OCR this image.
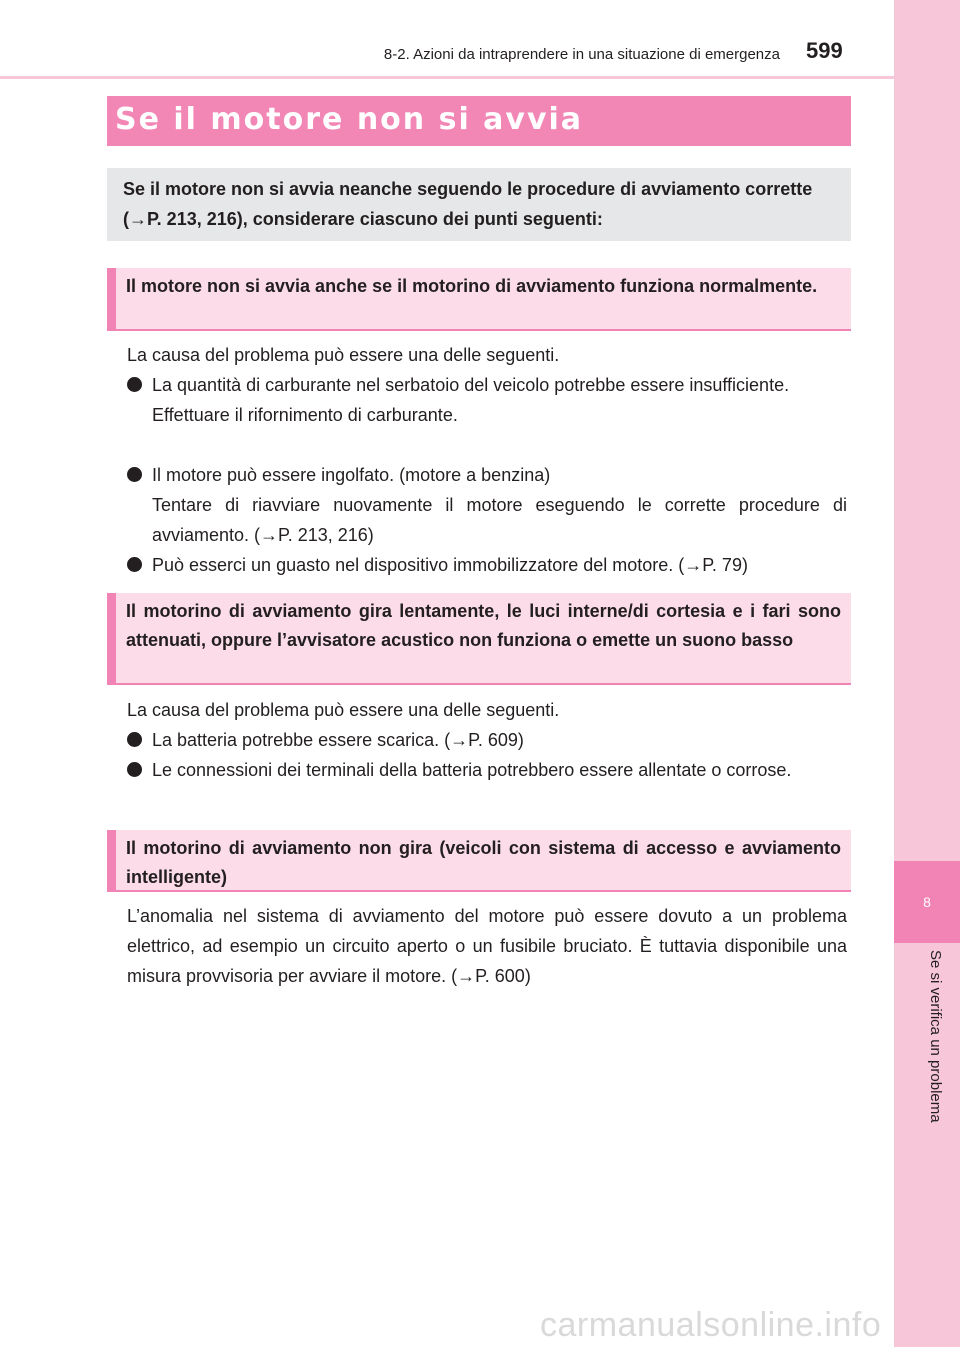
8-2. Azioni da intraprendere in una situazione di emergenza 599
8
Se si verifica un problema
Se il motore non si avvia
Se il motore non si avvia neanche seguendo le procedure di avviamento corrette (→P. 213, 216), considerare ciascuno dei punti seguenti:
Il motore non si avvia anche se il motorino di avviamento funziona normalmente.
La causa del problema può essere una delle seguenti.
La quantità di carburante nel serbatoio del veicolo potrebbe essere insufficiente.
Effettuare il rifornimento di carburante.
Il motore può essere ingolfato. (motore a benzina)
Tentare di riavviare nuovamente il motore eseguendo le corrette procedure di avviamento. (→P. 213, 216)
Può esserci un guasto nel dispositivo immobilizzatore del motore. (→P. 79)
Il motorino di avviamento gira lentamente, le luci interne/di cortesia e i fari sono attenuati, oppure l’avvisatore acustico non funziona o emette un suono basso
La causa del problema può essere una delle seguenti.
La batteria potrebbe essere scarica. (→P. 609)
Le connessioni dei terminali della batteria potrebbero essere allentate o corrose.
Il motorino di avviamento non gira (veicoli con sistema di accesso e avviamento intelligente)
L’anomalia nel sistema di avviamento del motore può essere dovuto a un problema elettrico, ad esempio un circuito aperto o un fusibile bruciato. È tuttavia disponibile una misura provvisoria per avviare il motore. (→P. 600)
carmanualsonline.info
